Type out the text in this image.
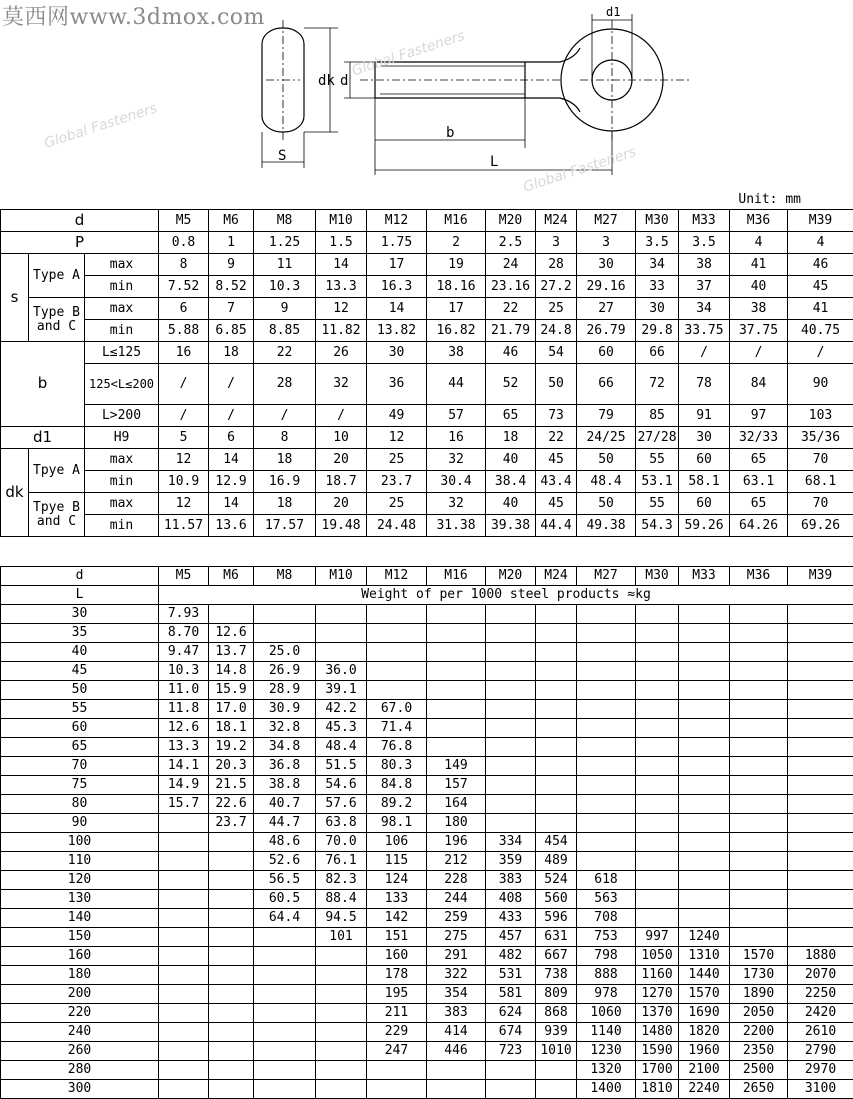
莫西网www.3dmox.com	d1
dk d
S
b
L
Global Fasteners
Global Fasteners
Global Fasteners
Unit: mm
d			M5	M6	M8	M10	M12	M16	M20	M24	M27	M30	M33	M36	M39
P			0.8	1	1.25	1.5	1.75	2	2.5	3	3	3.5	3.5	4	4
s	Type A	max	8	9	11	14	17	19	24	28	30	34	38	41	46
		min	7.52	8.52	10.3	13.3	16.3	18.16	23.16	27.2	29.16	33	37	40	45
	Type B and C	max	6	7	9	12	14	17	22	25	27	30	34	38	41
		min	5.88	6.85	8.85	11.82	13.82	16.82	21.79	24.8	26.79	29.8	33.75	37.75	40.75
b		L≤125	16	18	22	26	30	38	46	54	60	66	/	/	/
		125<L≤200	/	/	28	32	36	44	52	50	66	72	78	84	90
		L>200	/	/	/	/	49	57	65	73	79	85	91	97	103
d1		H9	5	6	8	10	12	16	18	22	24/25	27/28	30	32/33	35/36
dk	Tpye A	max	12	14	18	20	25	32	40	45	50	55	60	65	70
		min	10.9	12.9	16.9	18.7	23.7	30.4	38.4	43.4	48.4	53.1	58.1	63.1	68.1
	Tpye B and C	max	12	14	18	20	25	32	40	45	50	55	60	65	70
		min	11.57	13.6	17.57	19.48	24.48	31.38	39.38	44.4	49.38	54.3	59.26	64.26	69.26
d	M5	M6	M8	M10	M12	M16	M20	M24	M27	M30	M33	M36	M39
L	Weight of per 1000 steel products ≈kg												
30	7.93												
35	8.70	12.6											
40	9.47	13.7	25.0										
45	10.3	14.8	26.9	36.0									
50	11.0	15.9	28.9	39.1									
55	11.8	17.0	30.9	42.2	67.0								
60	12.6	18.1	32.8	45.3	71.4								
65	13.3	19.2	34.8	48.4	76.8								
70	14.1	20.3	36.8	51.5	80.3	149							
75	14.9	21.5	38.8	54.6	84.8	157							
80	15.7	22.6	40.7	57.6	89.2	164							
90		23.7	44.7	63.8	98.1	180							
100			48.6	70.0	106	196	334	454					
110			52.6	76.1	115	212	359	489					
120			56.5	82.3	124	228	383	524	618				
130			60.5	88.4	133	244	408	560	563				
140			64.4	94.5	142	259	433	596	708				
150				101	151	275	457	631	753	997	1240		
160					160	291	482	667	798	1050	1310	1570	1880
180					178	322	531	738	888	1160	1440	1730	2070
200					195	354	581	809	978	1270	1570	1890	2250
220					211	383	624	868	1060	1370	1690	2050	2420
240					229	414	674	939	1140	1480	1820	2200	2610
260					247	446	723	1010	1230	1590	1960	2350	2790
280									1320	1700	2100	2500	2970
300									1400	1810	2240	2650	3100
